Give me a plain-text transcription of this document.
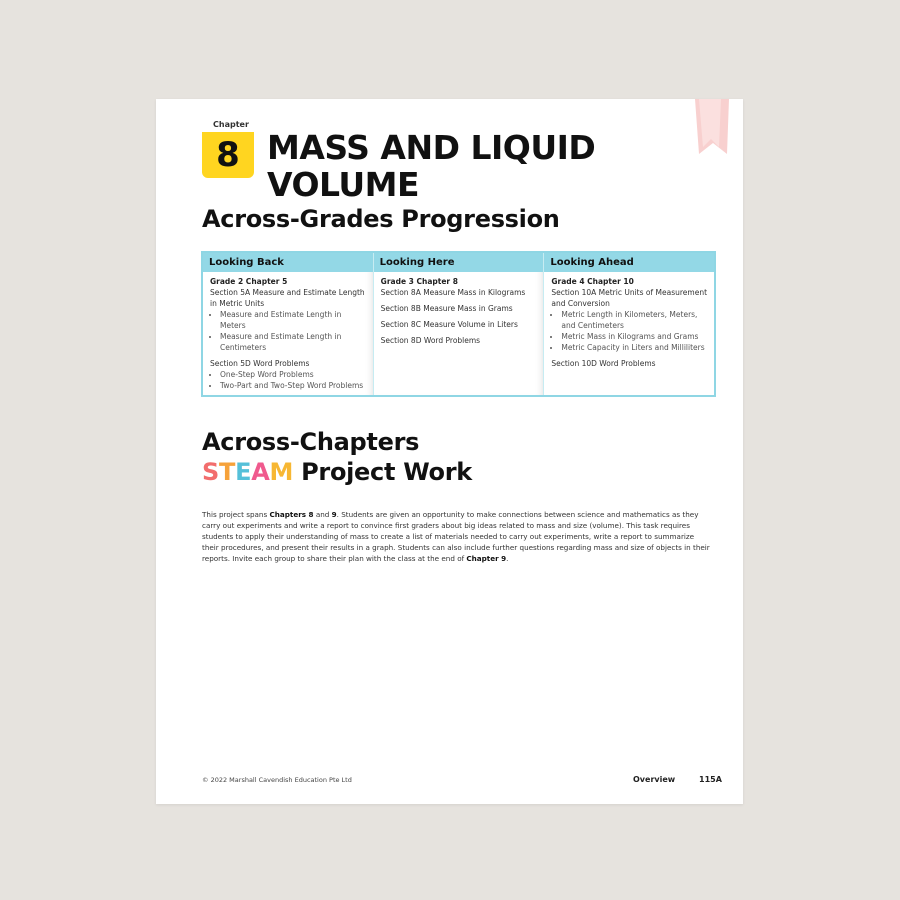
Chapter
8 MASS AND LIQUID
VOLUME
Across-Grades Progression
Looking Back
Grade 2 Chapter 5
Section 5A Measure and Estimate Length in Metric Units
• Measure and Estimate Length in Meters
• Measure and Estimate Length in Centimeters
Section 5D Word Problems
• One-Step Word Problems
• Two-Part and Two-Step Word Problems
Looking Here
Grade 3 Chapter 8
Section 8A Measure Mass in Kilograms
Section 8B Measure Mass in Grams
Section 8C Measure Volume in Liters
Section 8D Word Problems
Looking Ahead
Grade 4 Chapter 10
Section 10A Metric Units of Measurement and Conversion
• Metric Length in Kilometers, Meters, and Centimeters
• Metric Mass in Kilograms and Grams
• Metric Capacity in Liters and Milliliters
Section 10D Word Problems
Across-Chapters
STEAM Project Work

This project spans Chapters 8 and 9. Students are given an opportunity to make connections between science and mathematics as they carry out experiments and write a report to convince first graders about big ideas related to mass and size (volume). This task requires students to apply their understanding of mass to create a list of materials needed to carry out experiments, write a report to summarize their procedures, and present their results in a graph. Students can also include further questions regarding mass and size of objects in their reports. Invite each group to share their plan with the class at the end of Chapter 9.

© 2022 Marshall Cavendish Education Pte Ltd	Overview	115A
